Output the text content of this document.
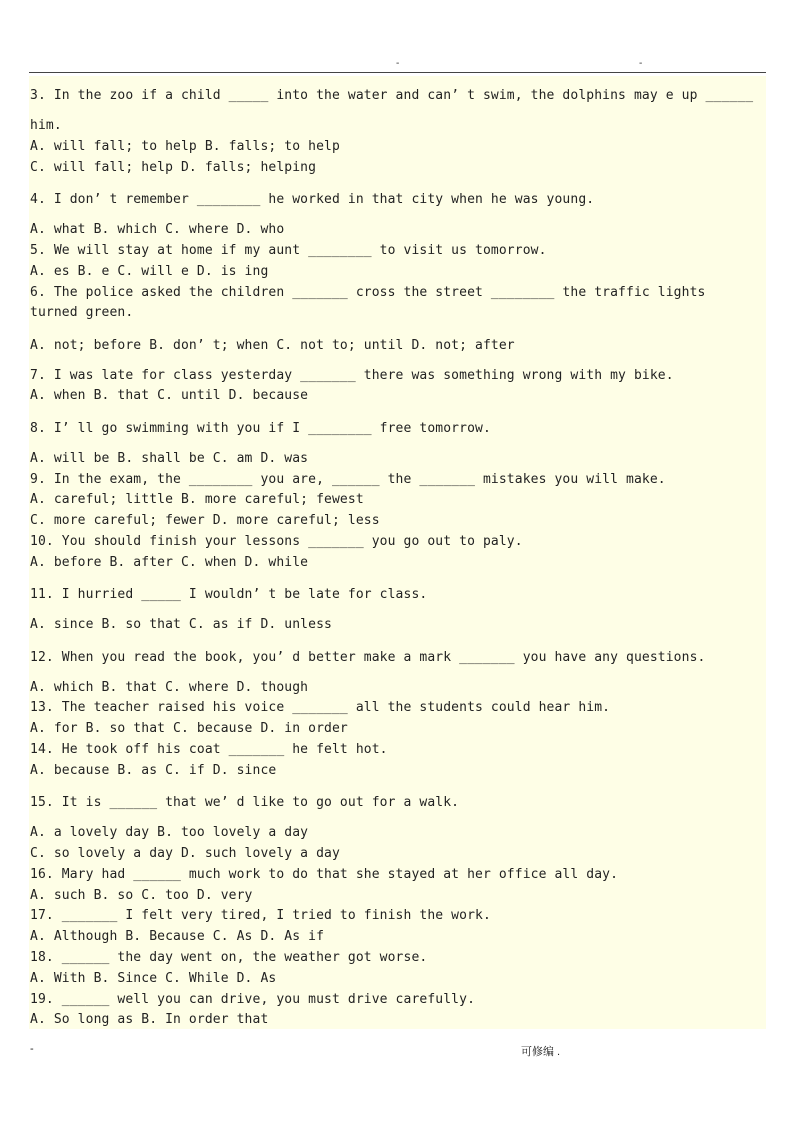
-	-
3. In the zoo if a child _____ into the water and can’ t swim, the dolphins may e up ______
him.
A. will fall; to help B. falls; to help
C. will fall; help D. falls; helping
4. I don’ t remember ________ he worked in that city when he was young.
A. what B. which C. where D. who
5. We will stay at home if my aunt ________ to visit us tomorrow.
A. es B. e C. will e D. is ing
6. The police asked the children _______ cross the street ________ the traffic lights
turned green.
A. not; before B. don’ t; when C. not to; until D. not; after
7. I was late for class yesterday _______ there was something wrong with my bike.
A. when B. that C. until D. because
8. I’ ll go swimming with you if I ________ free tomorrow.
A. will be B. shall be C. am D. was
9. In the exam, the ________ you are, ______ the _______ mistakes you will make.
A. careful; little B. more careful; fewest
C. more careful; fewer D. more careful; less
10. You should finish your lessons _______ you go out to paly.
A. before B. after C. when D. while
11. I hurried _____ I wouldn’ t be late for class.
A. since B. so that C. as if D. unless
12. When you read the book, you’ d better make a mark _______ you have any questions.
A. which B. that C. where D. though
13. The teacher raised his voice _______ all the students could hear him.
A. for B. so that C. because D. in order
14. He took off his coat _______ he felt hot.
A. because B. as C. if D. since
15. It is ______ that we’ d like to go out for a walk.
A. a lovely day B. too lovely a day
C. so lovely a day D. such lovely a day
16. Mary had ______ much work to do that she stayed at her office all day.
A. such B. so C. too D. very
17. _______ I felt very tired, I tried to finish the work.
A. Although B. Because C. As D. As if
18. ______ the day went on, the weather got worse.
A. With B. Since C. While D. As
19. ______ well you can drive, you must drive carefully.
A. So long as B. In order that
-	可修编 .
